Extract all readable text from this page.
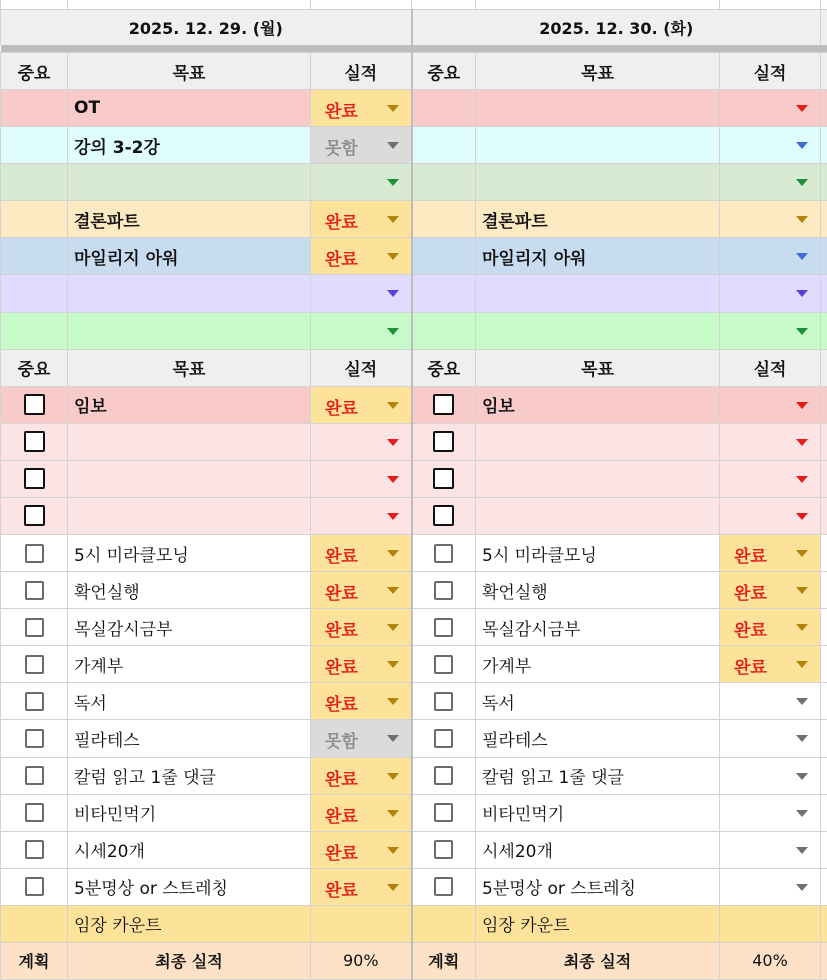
2025. 12. 29. (월)			2025. 12. 30. (화)			

중요	목표	실적	중요	목표	실적	
	OT	완료				

	강의 3-2강	못함				

	결론파트	완료		결론파트	

	마일리지 아워	완료		마일리지 아워	

중요	목표	실적	중요	목표	실적	
	임보	완료		임보	

	5시 미라클모닝	완료		5시 미라클모닝	완료	

	확언실행	완료		확언실행	완료	

	목실감시금부	완료		목실감시금부	완료	

	가계부	완료		가계부	완료	

	독서	완료		독서	

	필라테스	못함		필라테스	

	칼럼 읽고 1줄 댓글	완료		칼럼 읽고 1줄 댓글	

	비타민먹기	완료		비타민먹기	

	시세20개	완료		시세20개	

	5분명상 or 스트레칭	완료		5분명상 or 스트레칭	

	임장 카운트			임장 카운트		
계획	최종 실적	90%	계획	최종 실적	40%	
